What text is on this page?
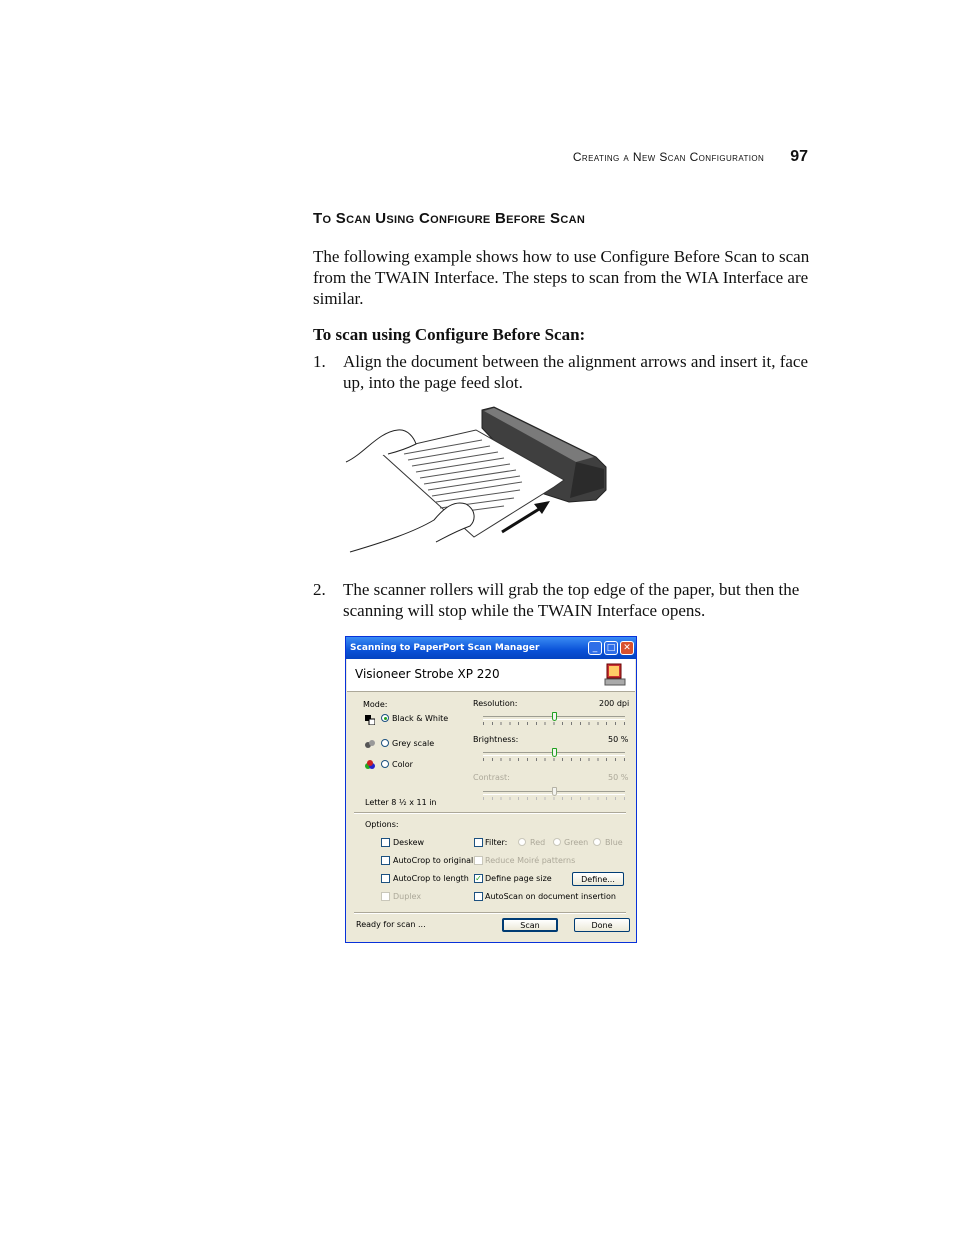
Creating a New Scan Configuration 97
To Scan Using Configure Before Scan
The following example shows how to use Configure Before Scan to scan from the TWAIN Interface. The steps to scan from the WIA Interface are similar.
To scan using Configure Before Scan:
1. Align the document between the alignment arrows and insert it, face up, into the page feed slot.
2. The scanner rollers will grab the top edge of the paper, but then the scanning will stop while the TWAIN Interface opens.
Scanning to PaperPort Scan Manager	_	□ ✕
Visioneer Strobe XP 220
Mode:
Black & White
Grey scale
Color
Resolution:	200 dpi
Brightness:	50 %
Contrast:	50 %
Letter 8 ½ x 11 in
Options:
Deskew
AutoCrop to original
AutoCrop to length
Duplex
Filter:	Red Green Blue
Reduce Moiré patterns
✓ Define page size	Define...
AutoScan on document insertion
Ready for scan ...	Scan	Done
